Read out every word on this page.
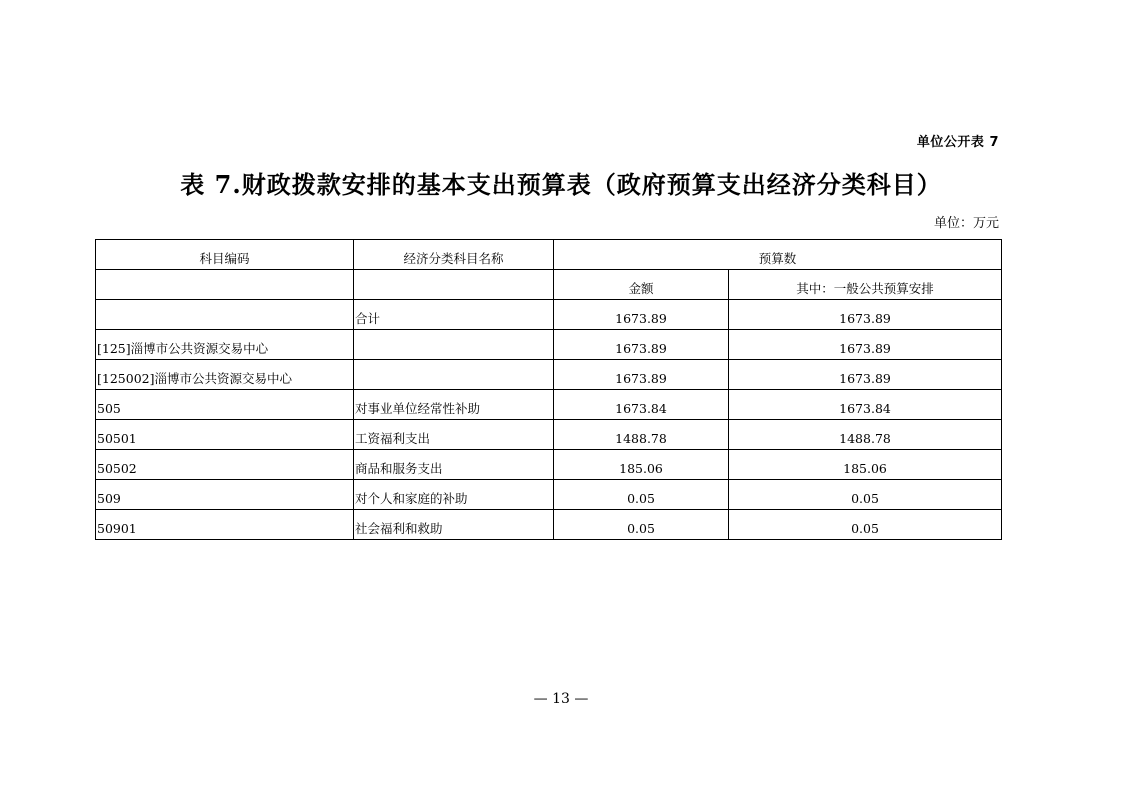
单位公开表 7
表 7.财政拨款安排的基本支出预算表（政府预算支出经济分类科目）
单位：万元
科目编码	经济分类科目名称	预算数	
		金额	其中：一般公共预算安排
	合计	1673.89	1673.89
[125]淄博市公共资源交易中心		1673.89	1673.89
[125002]淄博市公共资源交易中心		1673.89	1673.89
505	对事业单位经常性补助	1673.84	1673.84
50501	工资福利支出	1488.78	1488.78
50502	商品和服务支出	185.06	185.06
509	对个人和家庭的补助	0.05	0.05
50901	社会福利和救助	0.05	0.05
— 13 —
